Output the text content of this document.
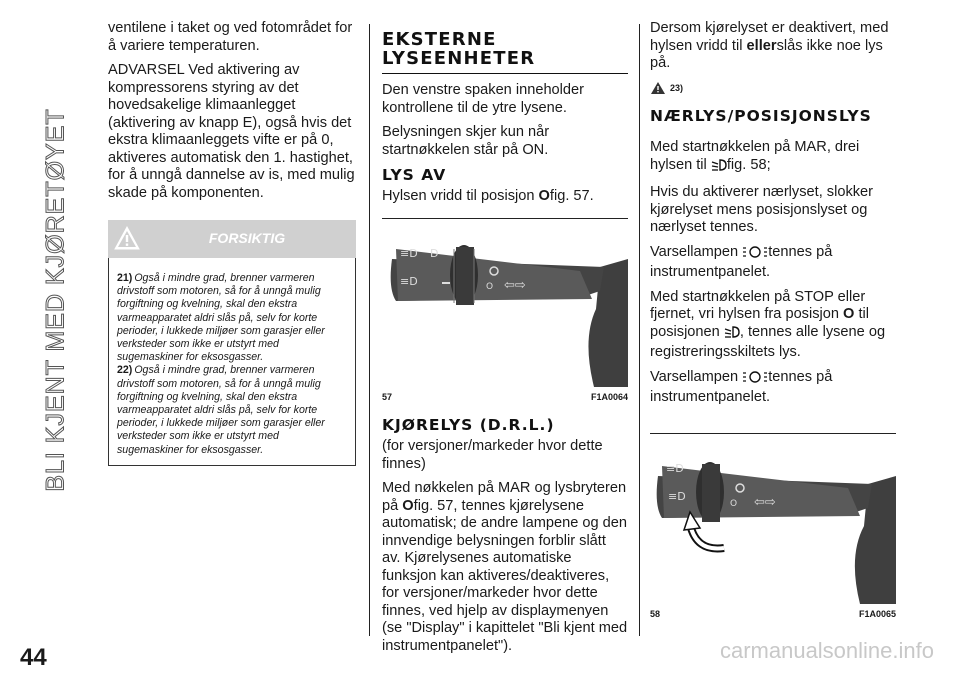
BLI KJENT MED KJØRETØYET
44	carmanualsonline.info

ventilene i taket og ved fotområdet for å variere temperaturen.

ADVARSEL Ved aktivering av kompressorens styring av det hovedsakelige klimaanlegget (aktivering av knapp E), også hvis det ekstra klimaanleggets vifte er på 0, aktiveres automatisk den 1. hastighet, for å unngå dannelse av is, med mulig skade på komponenten.

FORSIKTIG

21) Også i mindre grad, brenner varmeren drivstoff som motoren, så for å unngå mulig forgiftning og kvelning, skal den ekstra varmeapparatet aldri slås på, selv for korte perioder, i lukkede miljøer som garasjer eller verksteder som ikke er utstyrt med sugemaskiner for eksosgasser.

22) Også i mindre grad, brenner varmeren drivstoff som motoren, så for å unngå mulig forgiftning og kvelning, skal den ekstra varmeapparatet aldri slås på, selv for korte perioder, i lukkede miljøer som garasjer eller verksteder som ikke er utstyrt med sugemaskiner for eksosgasser.

EKSTERNE LYSEENHETER

Den venstre spaken inneholder kontrollene til de ytre lysene.

Belysningen skjer kun når startnøkkelen står på ON.

LYS AV

Hylsen vridd til posisjon Ofig. 57.

≡D
≡D
D
O ⇦⇨
57	F1A0064
KJØRELYS (D.R.L.)

(for versjoner/markeder hvor dette finnes)

Med nøkkelen på MAR og lysbryteren på Ofig. 57, tennes kjørelysene automatisk; de andre lampene og den innvendige belysningen forblir slått av. Kjørelysenes automatiske funksjon kan aktiveres/deaktiveres, for versjoner/markeder hvor dette finnes, ved hjelp av displaymenyen (se "Display" i kapittelet "Bli kjent med instrumentpanelet").

Dersom kjørelyset er deaktivert, med hylsen vridd til ellerslås ikke noe lys på.

23)
NÆRLYS/POSISJONSLYS

Med startnøkkelen på MAR, drei hylsen til fig. 58;

Hvis du aktiverer nærlyset, slokker kjørelyset mens posisjonslyset og nærlyset tennes.

Varsellampen tennes på instrumentpanelet.

Med startnøkkelen på STOP eller fjernet, vri hylsen fra posisjon O til posisjonen , tennes alle lysene og registreringsskiltets lys.

Varsellampen tennes på instrumentpanelet.

≡D
≡D
O ⇦⇨
58	F1A0065
